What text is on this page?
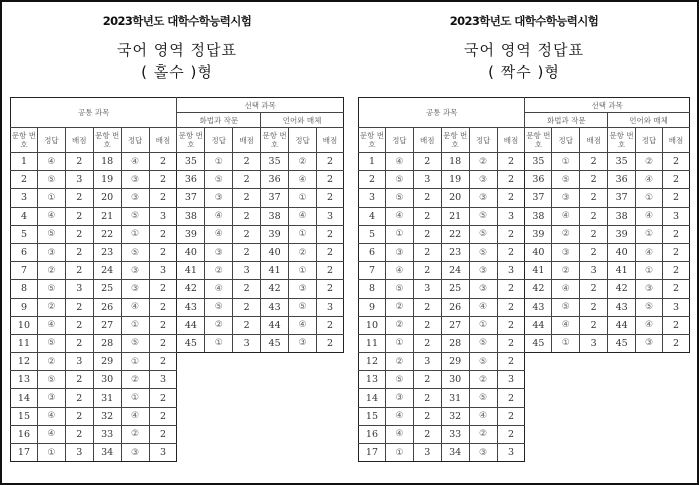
2023학년도 대학수학능력시험
국어 영역 정답표
( 홀수 )형
공통 과목						선택 과목					
						화법과 작문			언어와 매체		
문항 번호	정답	배점	문항 번호	정답	배점	문항 번호	정답	배점	문항 번호	정답	배점
1	④	2	18	④	2	35	①	2	35	②	2
2	⑤	3	19	③	2	36	⑤	2	36	④	2
3	①	2	20	③	2	37	③	2	37	①	2
4	④	2	21	⑤	3	38	④	2	38	④	3
5	⑤	2	22	①	2	39	④	2	39	①	2
6	③	2	23	⑤	2	40	③	2	40	②	2
7	②	2	24	③	3	41	②	3	41	①	2
8	⑤	3	25	③	2	42	④	2	42	③	2
9	②	2	26	④	2	43	⑤	2	43	⑤	3
10	④	2	27	①	2	44	②	2	44	④	2
11	⑤	2	28	⑤	2	45	①	3	45	③	2
12	②	3	29	①	2						
13	⑤	2	30	②	3						
14	③	2	31	①	2						
15	④	2	32	④	2						
16	④	2	33	②	2						
17	①	3	34	③	3						
2023학년도 대학수학능력시험
국어 영역 정답표
( 짝수 )형
공통 과목						선택 과목					
						화법과 작문			언어와 매체		
문항 번호	정답	배점	문항 번호	정답	배점	문항 번호	정답	배점	문항 번호	정답	배점
1	④	2	18	②	2	35	①	2	35	②	2
2	⑤	3	19	③	2	36	⑤	2	36	④	2
3	⑤	2	20	③	2	37	③	2	37	①	2
4	④	2	21	⑤	3	38	④	2	38	④	3
5	①	2	22	⑤	2	39	②	2	39	①	2
6	③	2	23	⑤	2	40	③	2	40	④	2
7	④	2	24	③	3	41	②	3	41	①	2
8	⑤	3	25	③	2	42	④	2	42	③	2
9	②	2	26	④	2	43	⑤	2	43	⑤	3
10	②	2	27	①	2	44	④	2	44	④	2
11	①	2	28	⑤	2	45	①	3	45	③	2
12	②	3	29	⑤	2						
13	⑤	2	30	②	3						
14	③	2	31	⑤	2						
15	④	2	32	④	2						
16	④	2	33	②	2						
17	①	3	34	③	3						
